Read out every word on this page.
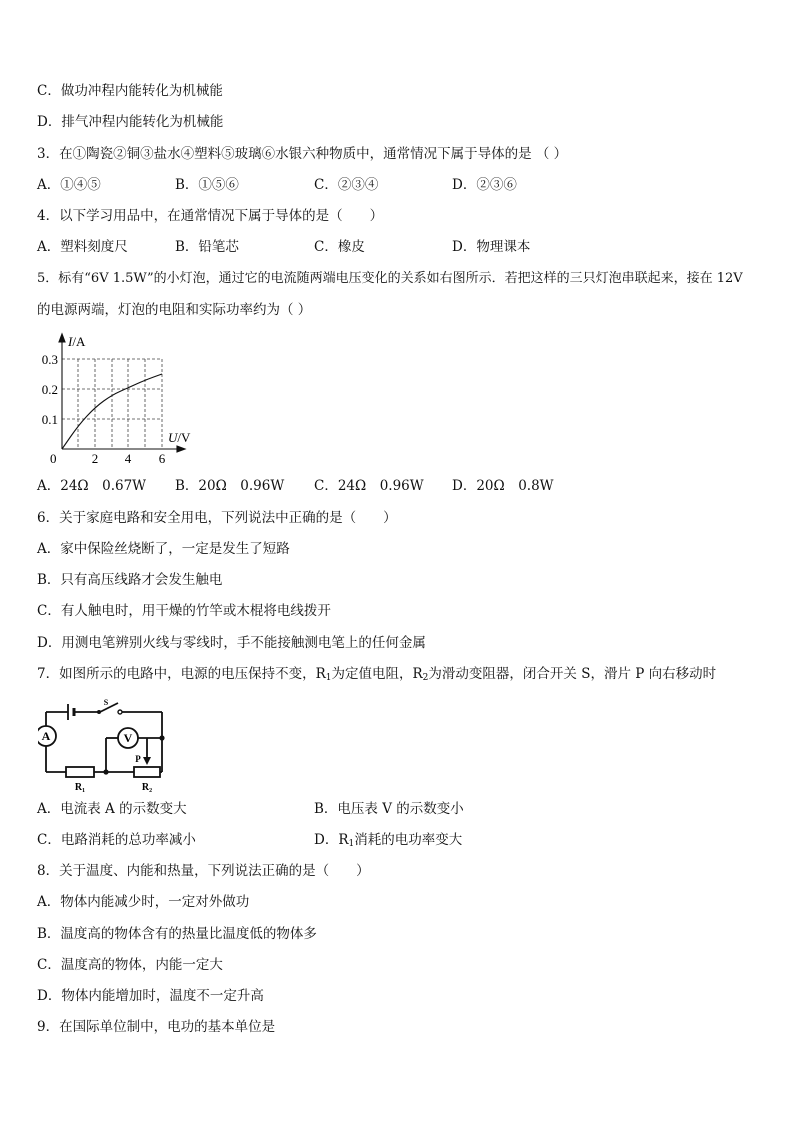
C．做功冲程内能转化为机械能
D．排气冲程内能转化为机械能
3．在①陶瓷②铜③盐水④塑料⑤玻璃⑥水银六种物质中，通常情况下属于导体的是 （ ）
A．①④⑤	B．①⑤⑥	C．②③④	D．②③⑥
4．以下学习用品中，在通常情况下属于导体的是（　　）
A．塑料刻度尺	B．铅笔芯	C．橡皮	D．物理课本
5．标有“6V 1.5W”的小灯泡，通过它的电流随两端电压变化的关系如右图所示．若把这样的三只灯泡串联起来，接在 12V
的电源两端，灯泡的电阻和实际功率约为（ ）
I/A
U/V
0	2 4 6
0.1
0.2
0.3
A．24Ω　0.67W B．20Ω　0.96W C．24Ω　0.96W D．20Ω　0.8W
6．关于家庭电路和安全用电，下列说法中正确的是（　　）
A．家中保险丝烧断了，一定是发生了短路
B．只有高压线路才会发生触电
C．有人触电时，用干燥的竹竿或木棍将电线拨开
D．用测电笔辨别火线与零线时，手不能接触测电笔上的任何金属
7．如图所示的电路中，电源的电压保持不变，$R_1$为定值电阻，$R_2$为滑动变阻器，闭合开关 S，滑片 P 向右移动时
A	V
S
P
R₁	R₂
A．电流表 A 的示数变大	B．电压表 V 的示数变小
C．电路消耗的总功率减小	D．$R_1$消耗的电功率变大
8．关于温度、内能和热量，下列说法正确的是（　　）
A．物体内能减少时，一定对外做功
B．温度高的物体含有的热量比温度低的物体多
C．温度高的物体，内能一定大
D．物体内能增加时，温度不一定升高
9．在国际单位制中，电功的基本单位是
